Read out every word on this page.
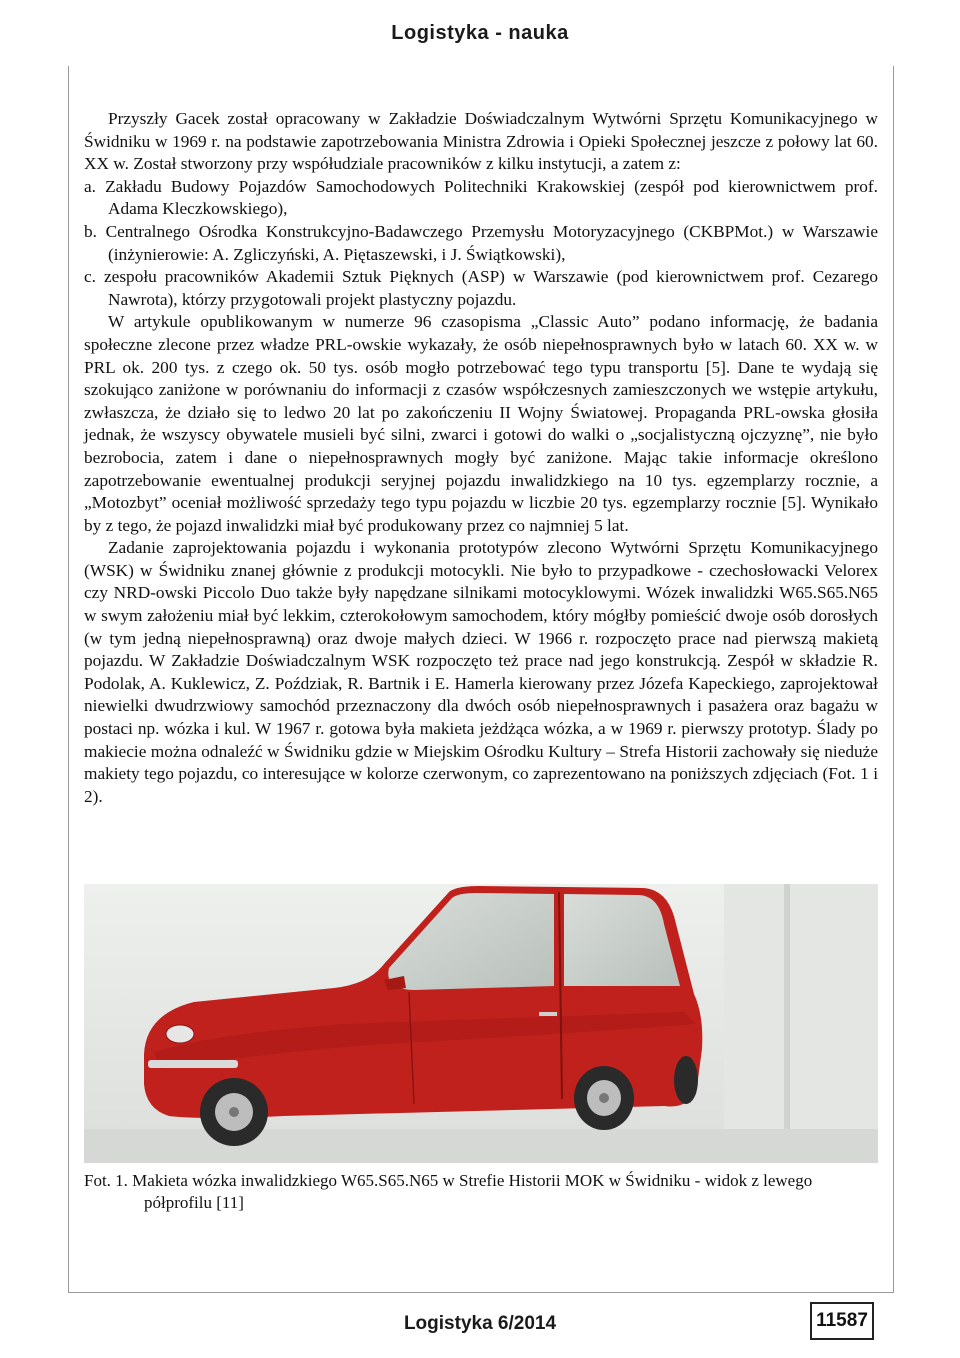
Logistyka - nauka

Przyszły Gacek został opracowany w Zakładzie Doświadczalnym Wytwórni Sprzętu Komunikacyjnego w Świdniku w 1969 r. na podstawie zapotrzebowania Ministra Zdrowia i Opieki Społecznej jeszcze z połowy lat 60. XX w. Został stworzony przy współudziale pracowników z kilku instytucji, a zatem z:

a. Zakładu Budowy Pojazdów Samochodowych Politechniki Krakowskiej (zespół pod kierownictwem prof. Adama Kleczkowskiego),

b. Centralnego Ośrodka Konstrukcyjno-Badawczego Przemysłu Motoryzacyjnego (CKBPMot.) w Warszawie (inżynierowie: A. Zgliczyński, A. Piętaszewski, i J. Świątkowski),

c. zespołu pracowników Akademii Sztuk Pięknych (ASP) w Warszawie (pod kierownictwem prof. Cezarego Nawrota), którzy przygotowali projekt plastyczny pojazdu.

W artykule opublikowanym w numerze 96 czasopisma „Classic Auto” podano informację, że badania społeczne zlecone przez władze PRL-owskie wykazały, że osób niepełnosprawnych było w latach 60. XX w. w PRL ok. 200 tys. z czego ok. 50 tys. osób mogło potrzebować tego typu transportu [5]. Dane te wydają się szokująco zaniżone w porównaniu do informacji z czasów współczesnych zamieszczonych we wstępie artykułu, zwłaszcza, że działo się to ledwo 20 lat po zakończeniu II Wojny Światowej. Propaganda PRL-owska głosiła jednak, że wszyscy obywatele musieli być silni, zwarci i gotowi do walki o „socjalistyczną ojczyznę”, nie było bezrobocia, zatem i dane o niepełnosprawnych mogły być zaniżone. Mając takie informacje określono zapotrzebowanie ewentualnej produkcji seryjnej pojazdu inwalidzkiego na 10 tys. egzemplarzy rocznie, a „Motozbyt” oceniał możliwość sprzedaży tego typu pojazdu w liczbie 20 tys. egzemplarzy rocznie [5]. Wynikało by z tego, że pojazd inwalidzki miał być produkowany przez co najmniej 5 lat.

Zadanie zaprojektowania pojazdu i wykonania prototypów zlecono Wytwórni Sprzętu Komunikacyjnego (WSK) w Świdniku znanej głównie z produkcji motocykli. Nie było to przypadkowe - czechosłowacki Velorex czy NRD-owski Piccolo Duo także były napędzane silnikami motocyklowymi. Wózek inwalidzki W65.S65.N65 w swym założeniu miał być lekkim, czterokołowym samochodem, który mógłby pomieścić dwoje osób dorosłych (w tym jedną niepełnosprawną) oraz dwoje małych dzieci. W 1966 r. rozpoczęto prace nad pierwszą makietą pojazdu. W Zakładzie Doświadczalnym WSK rozpoczęto też prace nad jego konstrukcją. Zespół w składzie R. Podolak, A. Kuklewicz, Z. Poździak, R. Bartnik i E. Hamerla kierowany przez Józefa Kapeckiego, zaprojektował niewielki dwudrzwiowy samochód przeznaczony dla dwóch osób niepełnosprawnych i pasażera oraz bagażu w postaci np. wózka i kul. W 1967 r. gotowa była makieta jeżdżąca wózka, a w 1969 r. pierwszy prototyp. Ślady po makiecie można odnaleźć w Świdniku gdzie w Miejskim Ośrodku Kultury – Strefa Historii zachowały się nieduże makiety tego pojazdu, co interesujące w kolorze czerwonym, co zaprezentowano na poniższych zdjęciach (Fot. 1 i 2).

Fot. 1. Makieta wózka inwalidzkiego W65.S65.N65 w Strefie Historii MOK w Świdniku - widok z lewego
półprofilu [11]
Logistyka 6/2014	11587
